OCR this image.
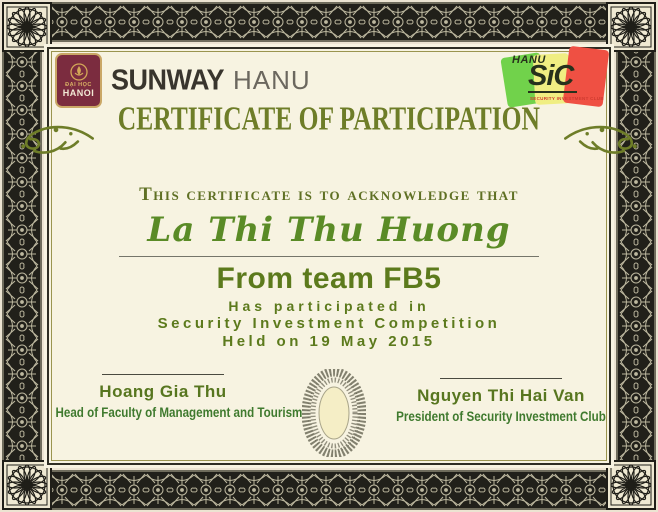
ĐẠI HỌC
HANOI SUNWAY HANU
HANU
SiC
SECURITY INVESTMENT CLUB
CERTIFICATE OF PARTICIPATION
This certificate is to acknowledge that
La Thi Thu Huong
From team FB5
Has participated in
Security Investment Competition
Held on 19 May 2015
Hoang Gia Thu
Head of Faculty of Management and Tourism
Nguyen Thi Hai Van
President of Security Investment Club
